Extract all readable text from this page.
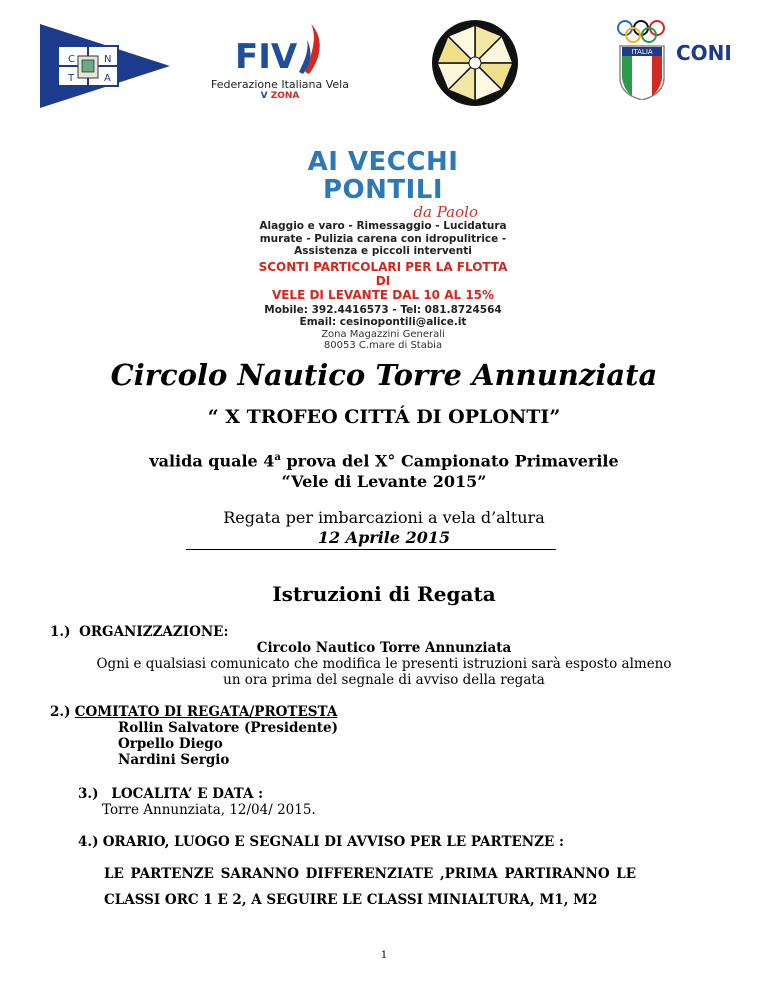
C	N
T	A
FIV
Federazione Italiana Vela
V ZONA
ITALIA CONI
AI VECCHI PONTILI
da Paolo
Alaggio e varo - Rimessaggio - Lucidatura
murate - Pulizia carena con idropulitrice -
Assistenza e piccoli interventi
SCONTI PARTICOLARI PER LA FLOTTA DI
VELE DI LEVANTE DAL 10 AL 15%
Mobile: 392.4416573 - Tel: 081.8724564
Email: cesinopontili@alice.it
Zona Magazzini Generali
80053 C.mare di Stabia
Circolo Nautico Torre Annunziata
“ X TROFEO CITTÁ DI OPLONTI”
valida quale 4$^a$ prova del X° Campionato Primaverile
“Vele di Levante 2015”
Regata per imbarcazioni a vela d’altura
12 Aprile 2015
Istruzioni di Regata
1.) ORGANIZZAZIONE:
Circolo Nautico Torre Annunziata
Ogni e qualsiasi comunicato che modifica le presenti istruzioni sarà esposto almeno
un ora prima del segnale di avviso della regata
2.) COMITATO DI REGATA/PROTESTA
Rollin Salvatore (Presidente)
Orpello Diego
Nardini Sergio
3.) LOCALITA’ E DATA :
Torre Annunziata, 12/04/ 2015.
4.) ORARIO, LUOGO E SEGNALI DI AVVISO PER LE PARTENZE :
LE PARTENZE SARANNO DIFFERENZIATE ,PRIMA PARTIRANNO LE
CLASSI ORC 1 E 2, A SEGUIRE LE CLASSI MINIALTURA, M1, M2
1
